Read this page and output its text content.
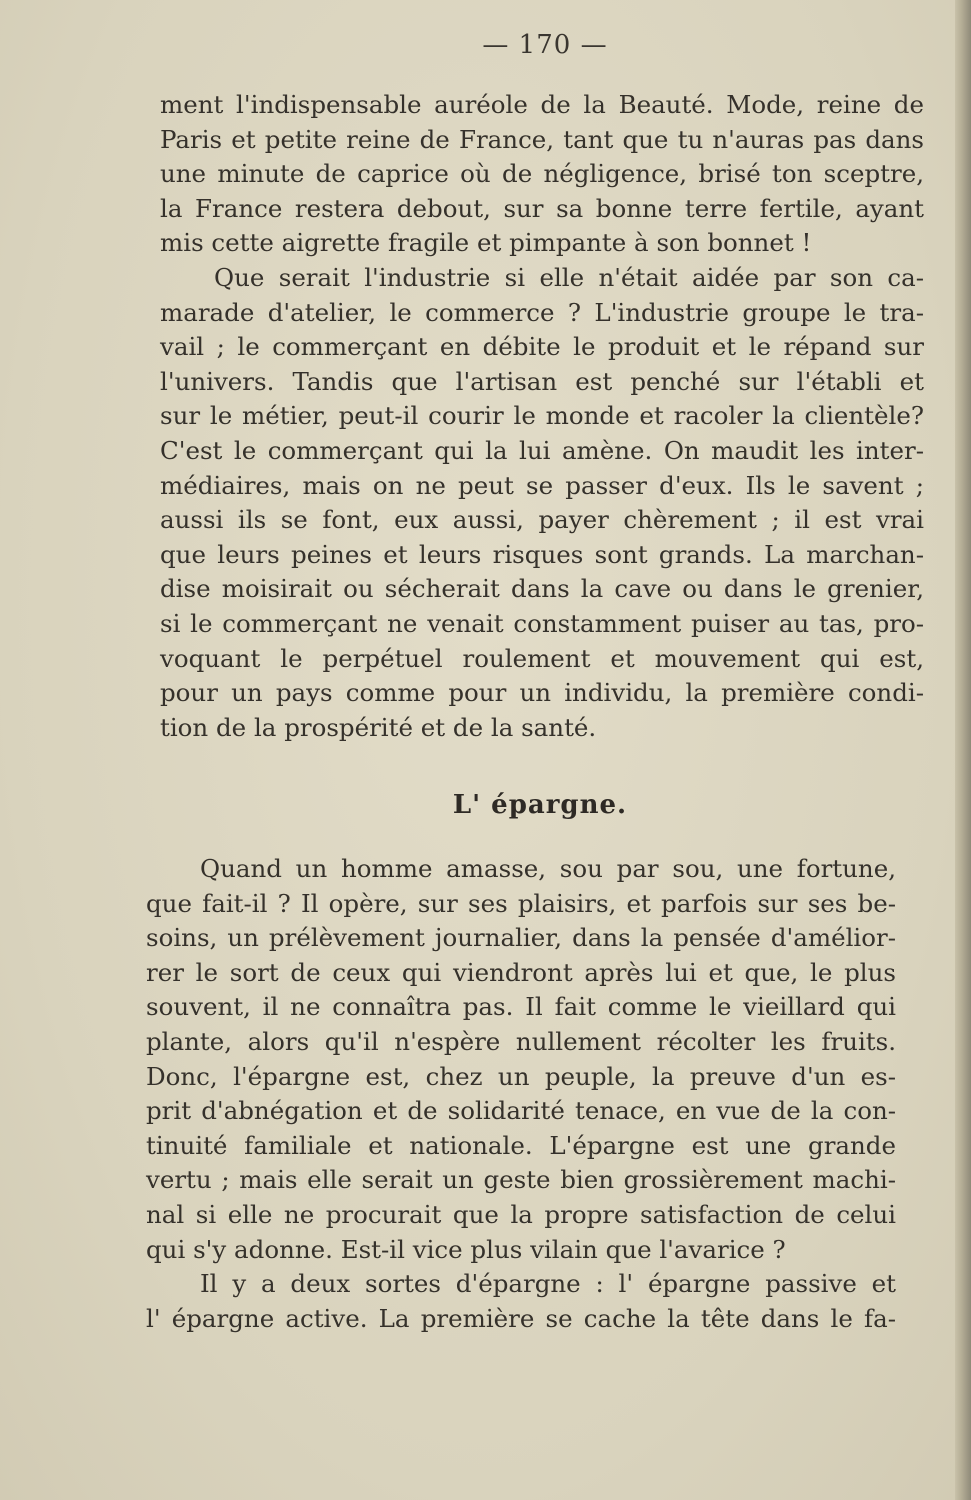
— 170 —
ment l'indispensable auréole de la Beauté. Mode, reine de
Paris et petite reine de France, tant que tu n'auras pas dans
une minute de caprice où de négligence, brisé ton sceptre,
la France restera debout, sur sa bonne terre fertile, ayant
mis cette aigrette fragile et pimpante à son bonnet !
Que serait l'industrie si elle n'était aidée par son ca-
marade d'atelier, le commerce ? L'industrie groupe le tra-
vail ; le commerçant en débite le produit et le répand sur
l'univers. Tandis que l'artisan est penché sur l'établi et
sur le métier, peut-il courir le monde et racoler la clientèle?
C'est le commerçant qui la lui amène. On maudit les inter-
médiaires, mais on ne peut se passer d'eux. Ils le savent ;
aussi ils se font, eux aussi, payer chèrement ; il est vrai
que leurs peines et leurs risques sont grands. La marchan-
dise moisirait ou sécherait dans la cave ou dans le grenier,
si le commerçant ne venait constamment puiser au tas, pro-
voquant le perpétuel roulement et mouvement qui est,
pour un pays comme pour un individu, la première condi-
tion de la prospérité et de la santé.
L' épargne.
Quand un homme amasse, sou par sou, une fortune,
que fait-il ? Il opère, sur ses plaisirs, et parfois sur ses be-
soins, un prélèvement journalier, dans la pensée d'amélior-
rer le sort de ceux qui viendront après lui et que, le plus
souvent, il ne connaîtra pas. Il fait comme le vieillard qui
plante, alors qu'il n'espère nullement récolter les fruits.
Donc, l'épargne est, chez un peuple, la preuve d'un es-
prit d'abnégation et de solidarité tenace, en vue de la con-
tinuité familiale et nationale. L'épargne est une grande
vertu ; mais elle serait un geste bien grossièrement machi-
nal si elle ne procurait que la propre satisfaction de celui
qui s'y adonne. Est-il vice plus vilain que l'avarice ?
Il y a deux sortes d'épargne : l' épargne passive et
l' épargne active. La première se cache la tête dans le fa-
